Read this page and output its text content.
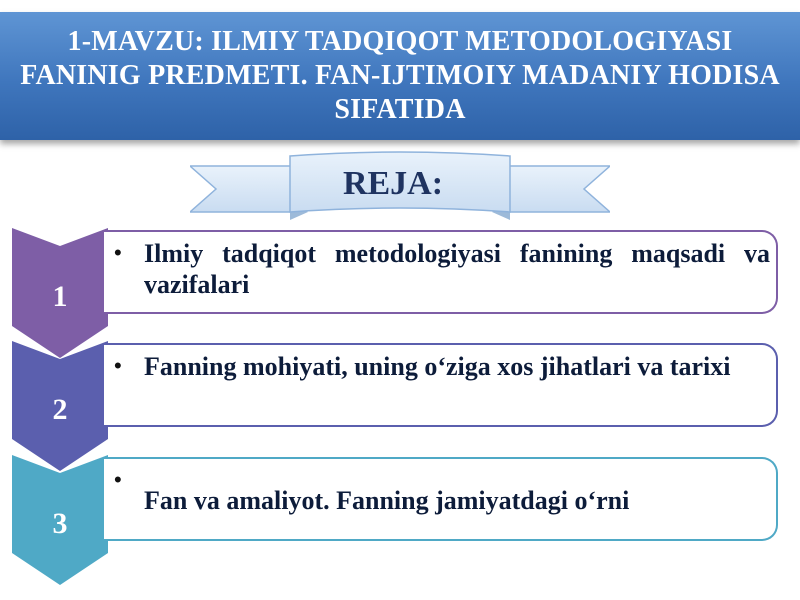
1-MAVZU: ILMIY TADQIQOT METODOLOGIYASI FANINIG PREDMETI. FAN-IJTIMOIY MADANIY HODISA SIFATIDA
REJA:
1
• Ilmiy tadqiqot metodologiyasi fanining maqsadi va vazifalari
2
• Fanning mohiyati, uning o‘ziga xos jihatlari va tarixi
3
•
Fan va amaliyot. Fanning jamiyatdagi o‘rni
